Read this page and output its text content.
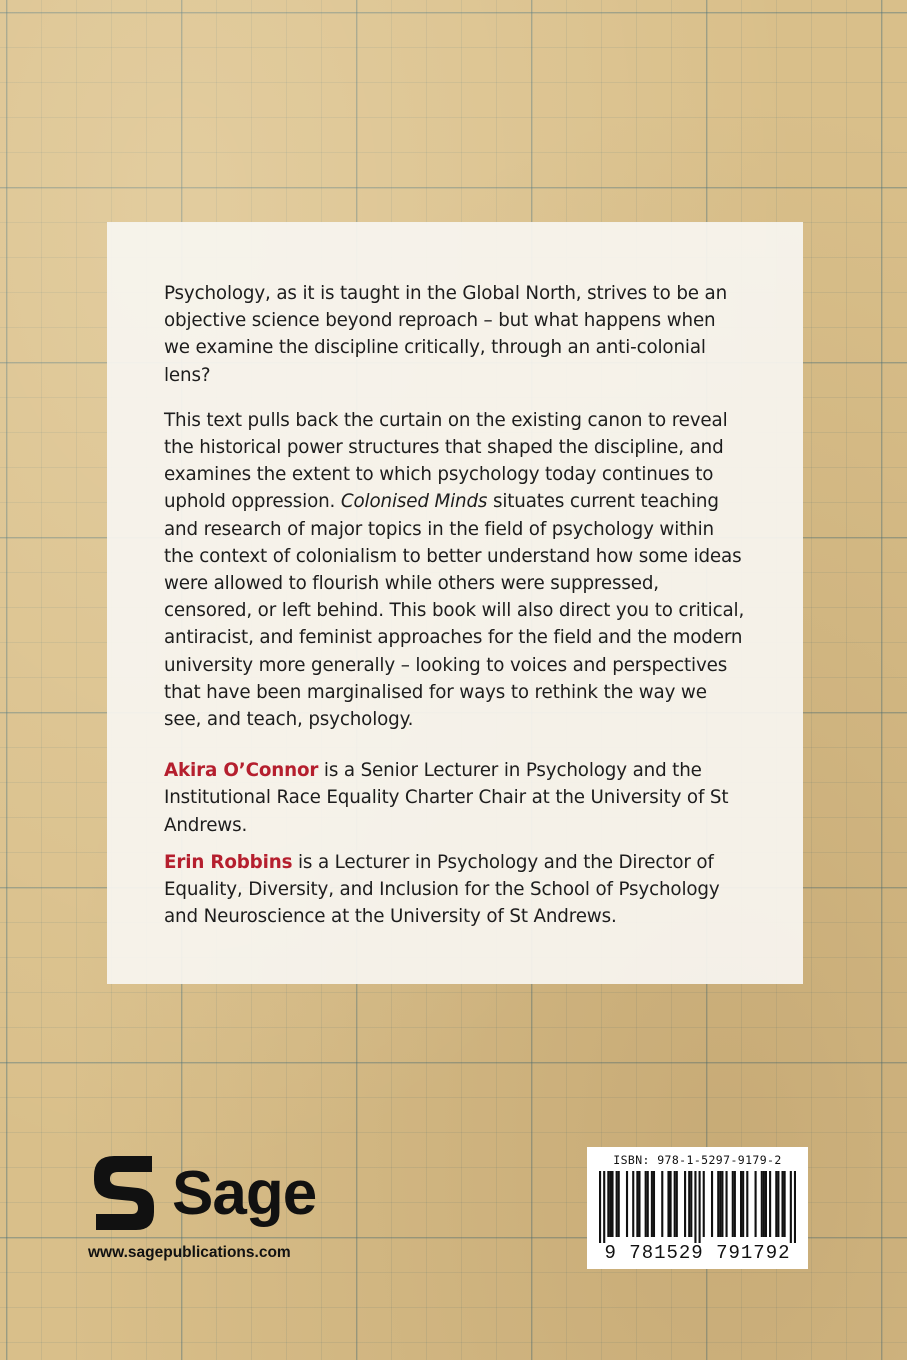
Psychology, as it is taught in the Global North, strives to be an objective science beyond reproach – but what happens when we examine the discipline critically, through an anti-colonial lens?

This text pulls back the curtain on the existing canon to reveal the historical power structures that shaped the discipline, and examines the extent to which psychology today continues to uphold oppression. Colonised Minds situates current teaching and research of major topics in the field of psychology within the context of colonialism to better understand how some ideas were allowed to flourish while others were suppressed, censored, or left behind. This book will also direct you to critical, antiracist, and feminist approaches for the field and the modern university more generally – looking to voices and perspectives that have been marginalised for ways to rethink the way we see, and teach, psychology.

Akira O’Connor is a Senior Lecturer in Psychology and the Institutional Race Equality Charter Chair at the University of St Andrews.

Erin Robbins is a Lecturer in Psychology and the Director of Equality, Diversity, and Inclusion for the School of Psychology and Neuroscience at the University of St Andrews.

Sage
www.sagepublications.com
ISBN: 978-1-5297-9179-2
9 781529 791792
